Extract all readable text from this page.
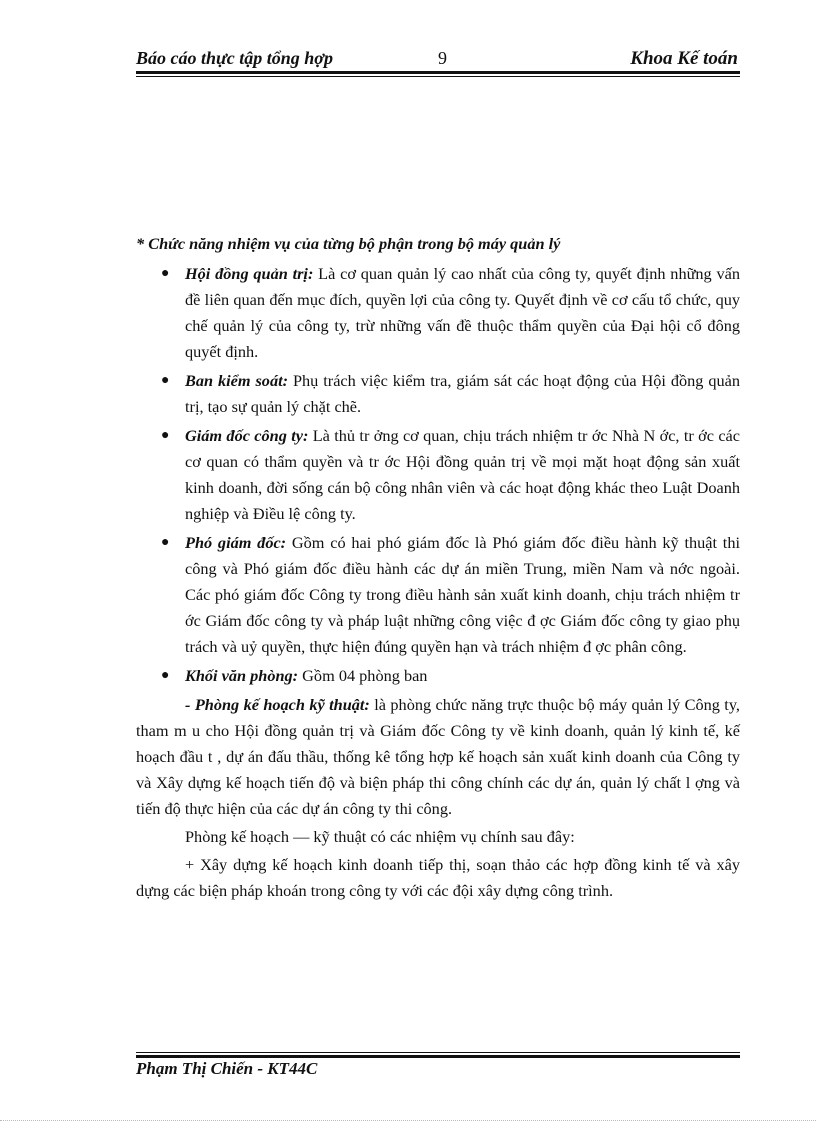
Báo cáo thực tập tổng hợp	9	Khoa Kế toán
* Chức năng nhiệm vụ của từng bộ phận trong bộ máy quản lý
● Hội đồng quản trị: Là cơ quan quản lý cao nhất của công ty, quyết định những vấn đề liên quan đến mục đích, quyền lợi của công ty. Quyết định về cơ cấu tổ chức, quy chế quản lý của công ty, trừ những vấn đề thuộc thẩm quyền của Đại hội cổ đông quyết định.
● Ban kiểm soát: Phụ trách việc kiểm tra, giám sát các hoạt động của Hội đồng quản trị, tạo sự quản lý chặt chẽ.
● Giám đốc công ty: Là thủ tr ởng cơ quan, chịu trách nhiệm tr ớc Nhà N ớc, tr ớc các cơ quan có thẩm quyền và tr ớc Hội đồng quản trị về mọi mặt hoạt động sản xuất kinh doanh, đời sống cán bộ công nhân viên và các hoạt động khác theo Luật Doanh nghiệp và Điều lệ công ty.
● Phó giám đốc: Gồm có hai phó giám đốc là Phó giám đốc điều hành kỹ thuật thi công và Phó giám đốc điều hành các dự án miền Trung, miền Nam và nớc ngoài. Các phó giám đốc Công ty trong điều hành sản xuất kinh doanh, chịu trách nhiệm tr ớc Giám đốc công ty và pháp luật những công việc đ ợc Giám đốc công ty giao phụ trách và uỷ quyền, thực hiện đúng quyền hạn và trách nhiệm đ ợc phân công.
● Khối văn phòng: Gồm 04 phòng ban

- Phòng kế hoạch kỹ thuật: là phòng chức năng trực thuộc bộ máy quản lý Công ty, tham m u cho Hội đồng quản trị và Giám đốc Công ty về kinh doanh, quản lý kinh tế, kế hoạch đầu t , dự án đấu thầu, thống kê tổng hợp kế hoạch sản xuất kinh doanh của Công ty và Xây dựng kế hoạch tiến độ và biện pháp thi công chính các dự án, quản lý chất l ợng và tiến độ thực hiện của các dự án công ty thi công.

Phòng kế hoạch — kỹ thuật có các nhiệm vụ chính sau đây:

+ Xây dựng kế hoạch kinh doanh tiếp thị, soạn thảo các hợp đồng kinh tế và xây dựng các biện pháp khoán trong công ty với các đội xây dựng công trình.

Phạm Thị Chiến - KT44C
